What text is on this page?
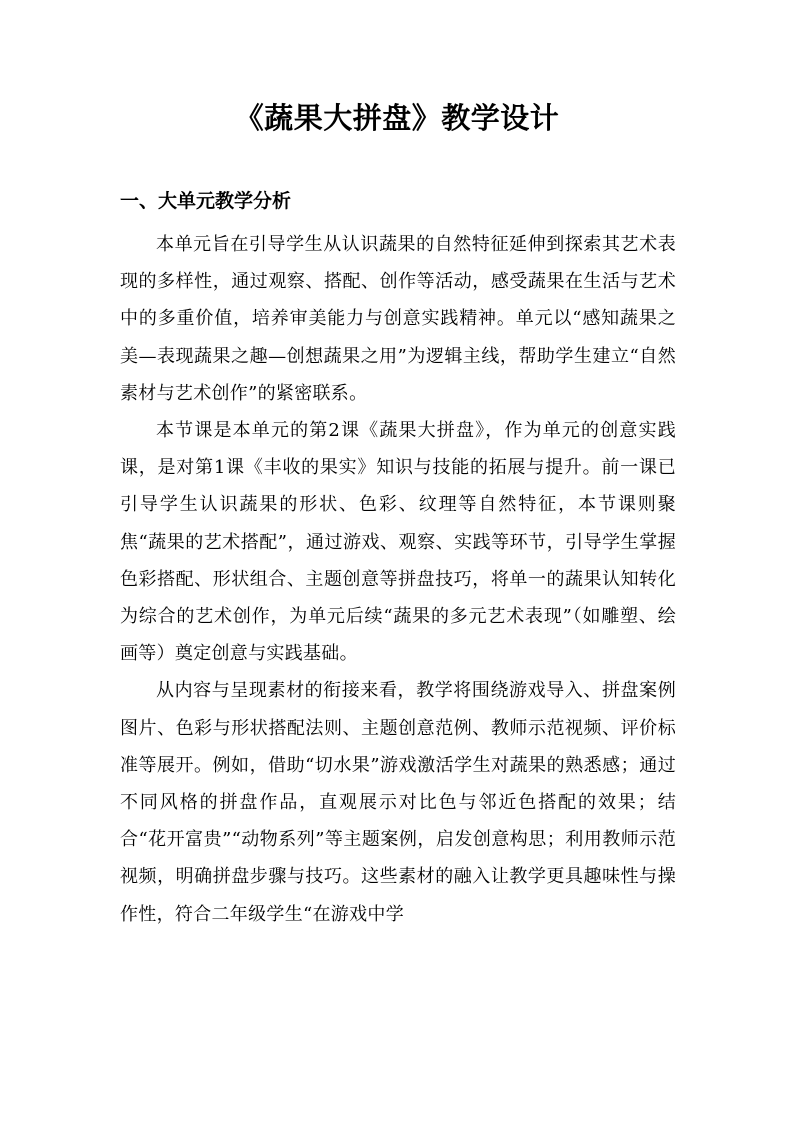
《蔬果大拼盘》教学设计
一、大单元教学分析

本单元旨在引导学生从认识蔬果的自然特征延伸到探索其艺术表现的多样性，通过观察、搭配、创作等活动，感受蔬果在生活与艺术中的多重价值，培养审美能力与创意实践精神。单元以“感知蔬果之美—表现蔬果之趣—创想蔬果之用”为逻辑主线，帮助学生建立“自然素材与艺术创作”的紧密联系。

本节课是本单元的第2课《蔬果大拼盘》，作为单元的创意实践课，是对第1课《丰收的果实》知识与技能的拓展与提升。前一课已引导学生认识蔬果的形状、色彩、纹理等自然特征，本节课则聚焦“蔬果的艺术搭配”，通过游戏、观察、实践等环节，引导学生掌握色彩搭配、形状组合、主题创意等拼盘技巧，将单一的蔬果认知转化为综合的艺术创作，为单元后续“蔬果的多元艺术表现”（如雕塑、绘画等）奠定创意与实践基础。

从内容与呈现素材的衔接来看，教学将围绕游戏导入、拼盘案例图片、色彩与形状搭配法则、主题创意范例、教师示范视频、评价标准等展开。例如，借助“切水果”游戏激活学生对蔬果的熟悉感；通过不同风格的拼盘作品，直观展示对比色与邻近色搭配的效果；结合“花开富贵”“动物系列”等主题案例，启发创意构思；利用教师示范视频，明确拼盘步骤与技巧。这些素材的融入让教学更具趣味性与操作性，符合二年级学生“在游戏中学
